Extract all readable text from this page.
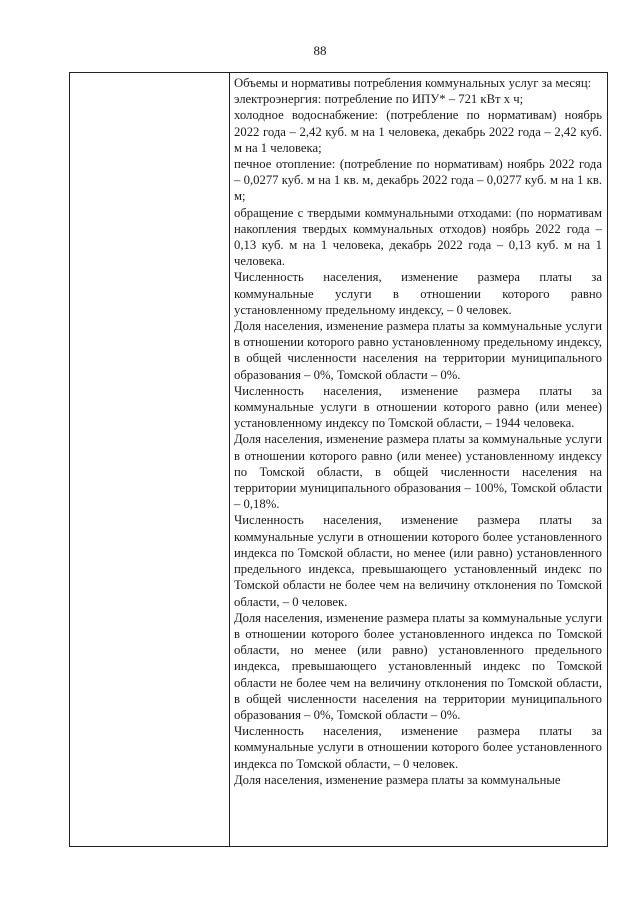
88

Объемы и нормативы потребления коммунальных услуг за месяц:

электроэнергия: потребление по ИПУ* – 721 кВт х ч;

холодное водоснабжение: (потребление по нормативам) ноябрь 2022 года – 2,42 куб. м на 1 человека, декабрь 2022 года – 2,42 куб. м на 1 человека;

печное отопление: (потребление по нормативам) ноябрь 2022 года – 0,0277 куб. м на 1 кв. м, декабрь 2022 года – 0,0277 куб. м на 1 кв. м;

обращение с твердыми коммунальными отходами: (по нормативам накопления твердых коммунальных отходов) ноябрь 2022 года – 0,13 куб. м на 1 человека, декабрь 2022 года – 0,13 куб. м на 1 человека.

Численность населения, изменение размера платы за коммунальные услуги в отношении которого равно установленному предельному индексу, – 0 человек.

Доля населения, изменение размера платы за коммунальные услуги в отношении которого равно установленному предельному индексу, в общей численности населения на территории муниципального образования – 0%, Томской области – 0%.

Численность населения, изменение размера платы за коммунальные услуги в отношении которого равно (или менее) установленному индексу по Томской области, – 1944 человека.

Доля населения, изменение размера платы за коммунальные услуги в отношении которого равно (или менее) установленному индексу по Томской области, в общей численности населения на территории муниципального образования – 100%, Томской области – 0,18%.

Численность населения, изменение размера платы за коммунальные услуги в отношении которого более установленного индекса по Томской области, но менее (или равно) установленного предельного индекса, превышающего установленный индекс по Томской области не более чем на величину отклонения по Томской области, – 0 человек.

Доля населения, изменение размера платы за коммунальные услуги в отношении которого более установленного индекса по Томской области, но менее (или равно) установленного предельного индекса, превышающего установленный индекс по Томской области не более чем на величину отклонения по Томской области, в общей численности населения на территории муниципального образования – 0%, Томской области – 0%.

Численность населения, изменение размера платы за коммунальные услуги в отношении которого более установленного индекса по Томской области, – 0 человек.

Доля населения, изменение размера платы за коммунальные
